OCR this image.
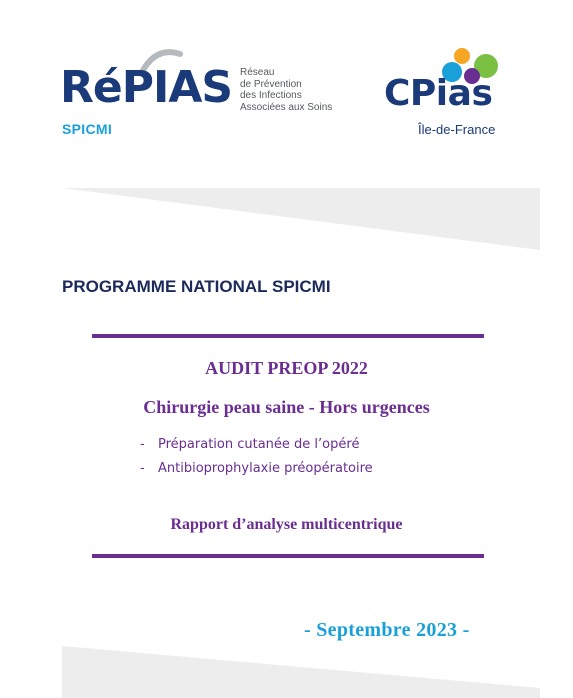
RéPIAS
SPICMI
Réseau
de Prévention
des Infections
Associées aux Soins CPias
Île-de-France
PROGRAMME NATIONAL SPICMI
AUDIT PREOP 2022
Chirurgie peau saine - Hors urgences
- Préparation cutanée de l’opéré
- Antibioprophylaxie préopératoire
Rapport d’analyse multicentrique
- Septembre 2023 -
